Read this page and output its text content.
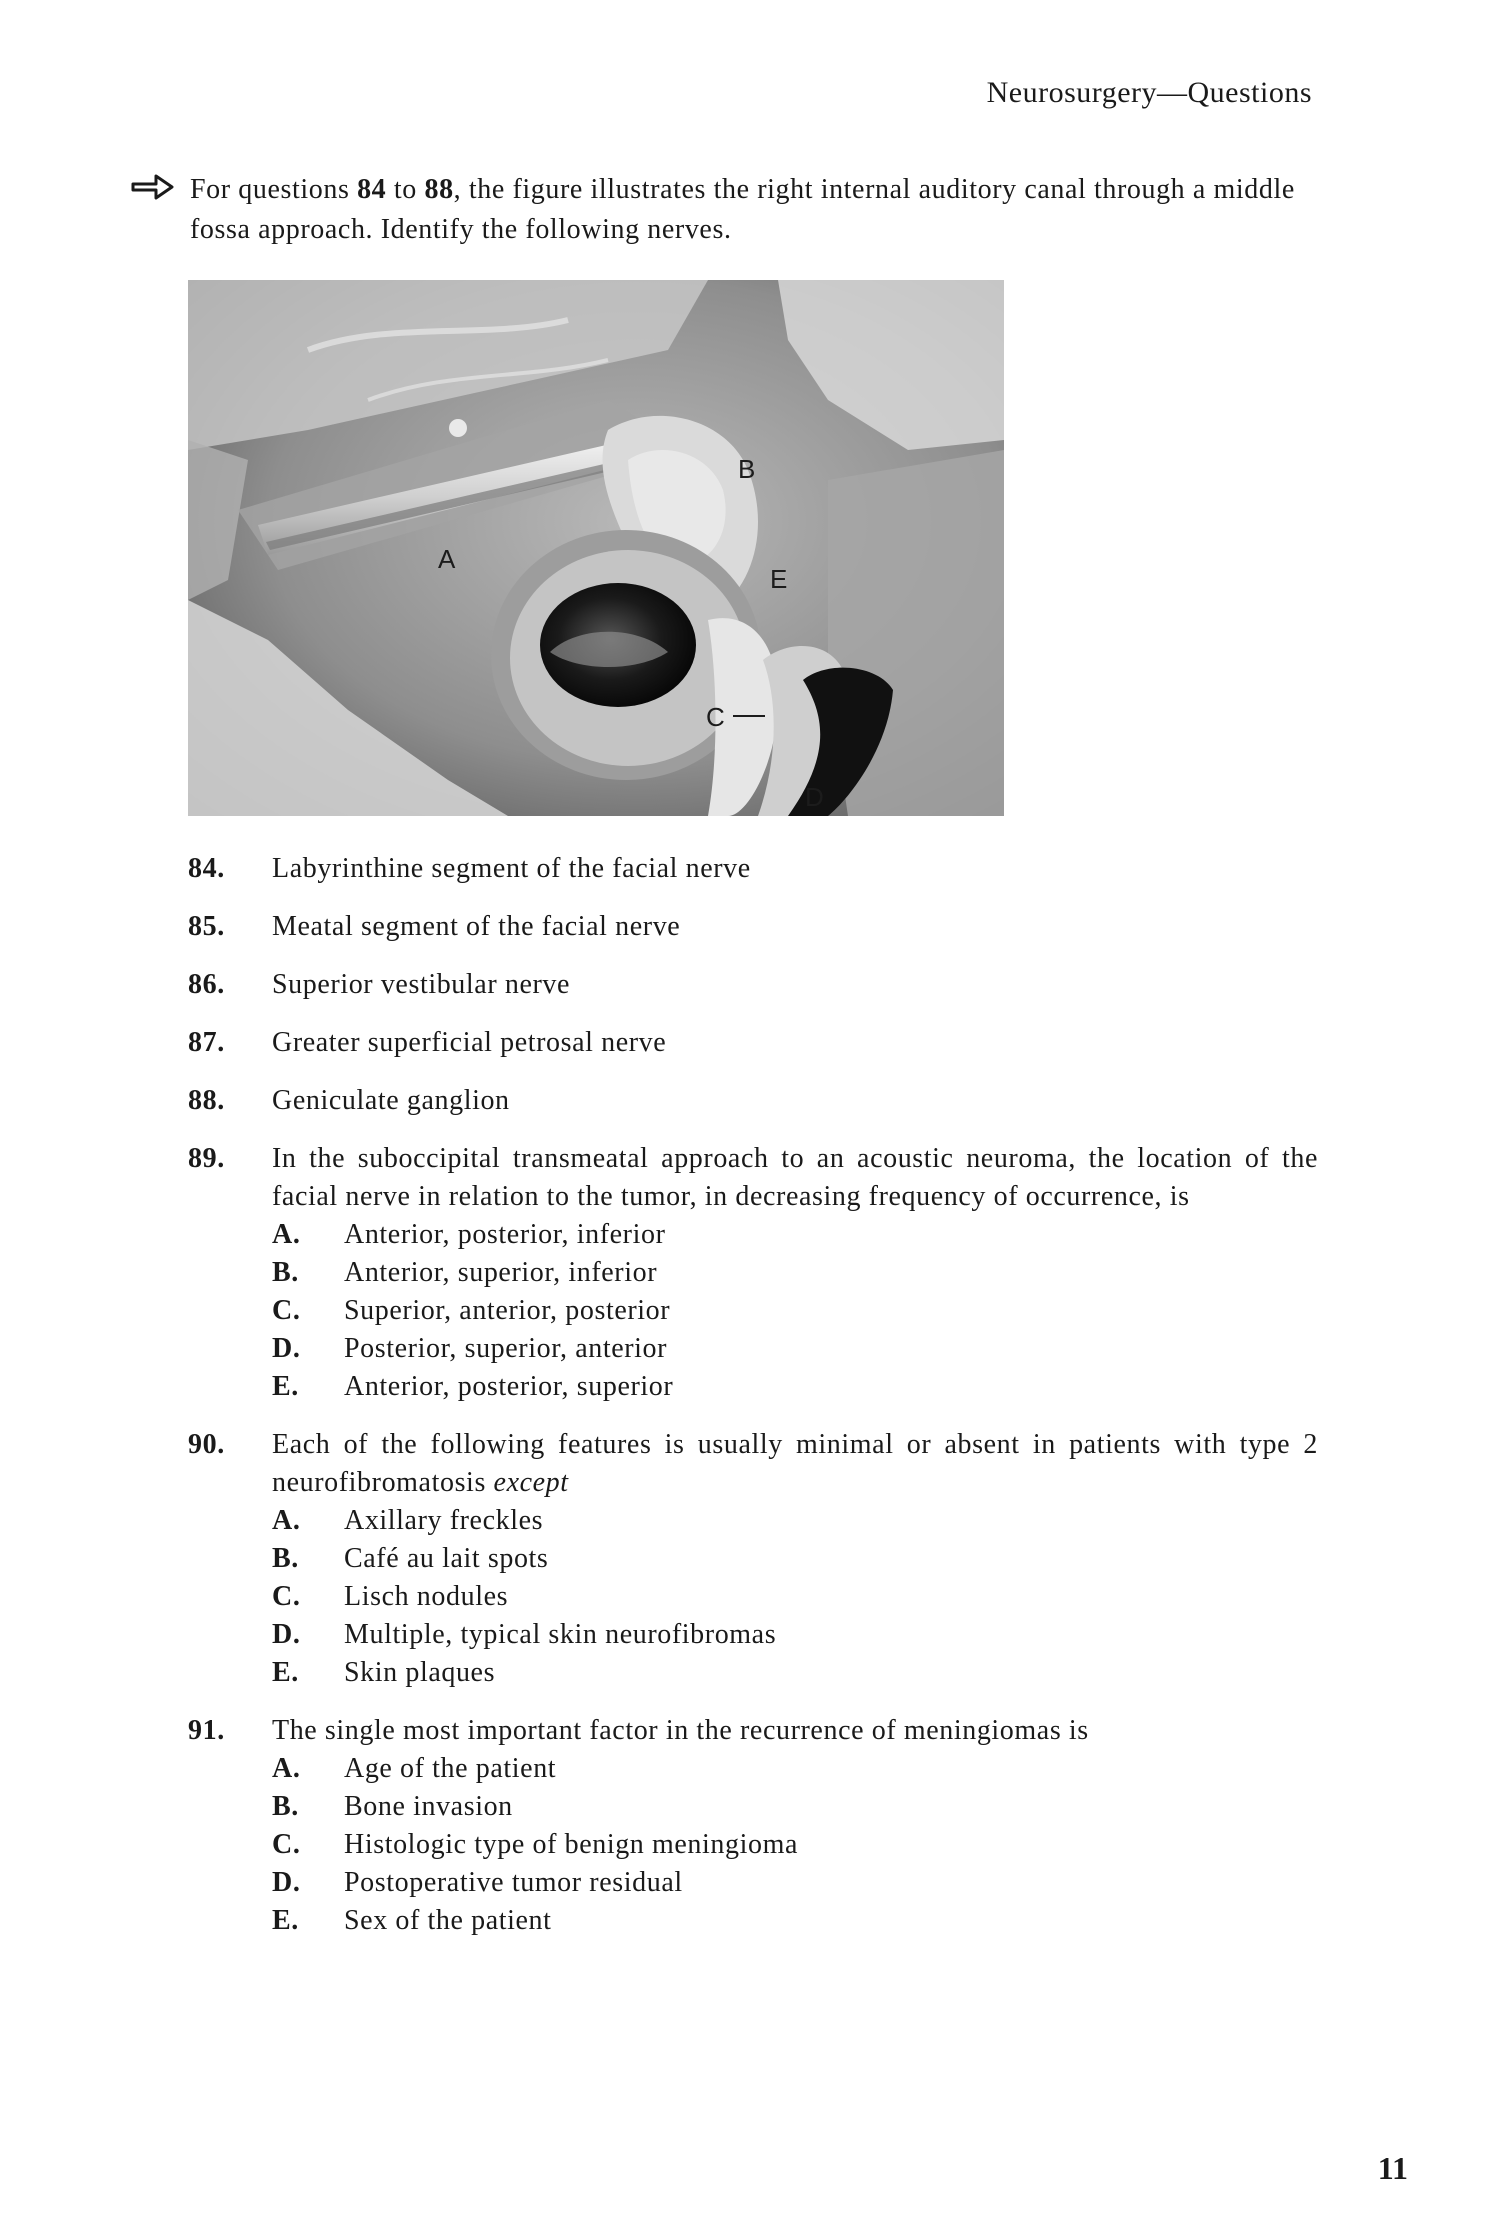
Neurosurgery—Questions
For questions 84 to 88, the figure illustrates the right internal auditory canal through a middle fossa approach. Identify the following nerves.
A
B
C
D
E
84.	Labyrinthine segment of the facial nerve
85.	Meatal segment of the facial nerve
86.	Superior vestibular nerve
87.	Greater superficial petrosal nerve
88.	Geniculate ganglion
89.	In the suboccipital transmeatal approach to an acoustic neuroma, the location of the facial nerve in relation to the tumor, in decreasing frequency of occurrence, is
A.	Anterior, posterior, inferior
B.	Anterior, superior, inferior
C.	Superior, anterior, posterior
D.	Posterior, superior, anterior
E.	Anterior, posterior, superior
90.	Each of the following features is usually minimal or absent in patients with type 2 neurofibromatosis except
A.	Axillary freckles
B.	Café au lait spots
C.	Lisch nodules
D.	Multiple, typical skin neurofibromas
E.	Skin plaques
91.	The single most important factor in the recurrence of meningiomas is
A.	Age of the patient
B.	Bone invasion
C.	Histologic type of benign meningioma
D.	Postoperative tumor residual
E.	Sex of the patient
11
